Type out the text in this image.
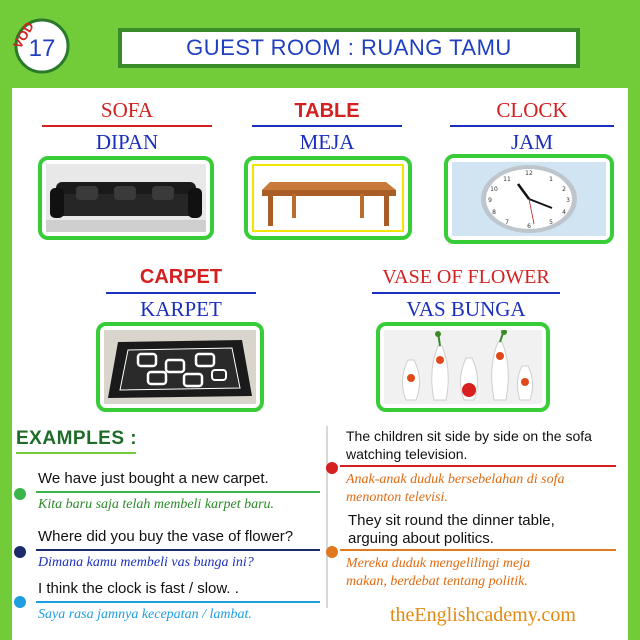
17
VOD	GUEST ROOM : RUANG TAMU
SOFA
DIPAN
TABLE
MEJA
CLOCK
JAM
12
1
2
3
4
5
6
7
8
9
10
11
CARPET
KARPET
VASE OF FLOWER
VAS BUNGA
EXAMPLES :
We have just bought a new carpet.
Kita baru saja telah membeli karpet baru.
Where did you buy the vase of flower?
Dimana kamu membeli vas bunga ini?
I think the clock is fast / slow. .
Saya rasa jamnya kecepatan / lambat.
The children sit side by side on the sofa
watching television.
Anak-anak duduk bersebelahan di sofa
menonton televisi.
They sit round the dinner table,
arguing about politics.
Mereka duduk mengelilingi meja
makan, berdebat tentang politik.
theEnglishcademy.com
